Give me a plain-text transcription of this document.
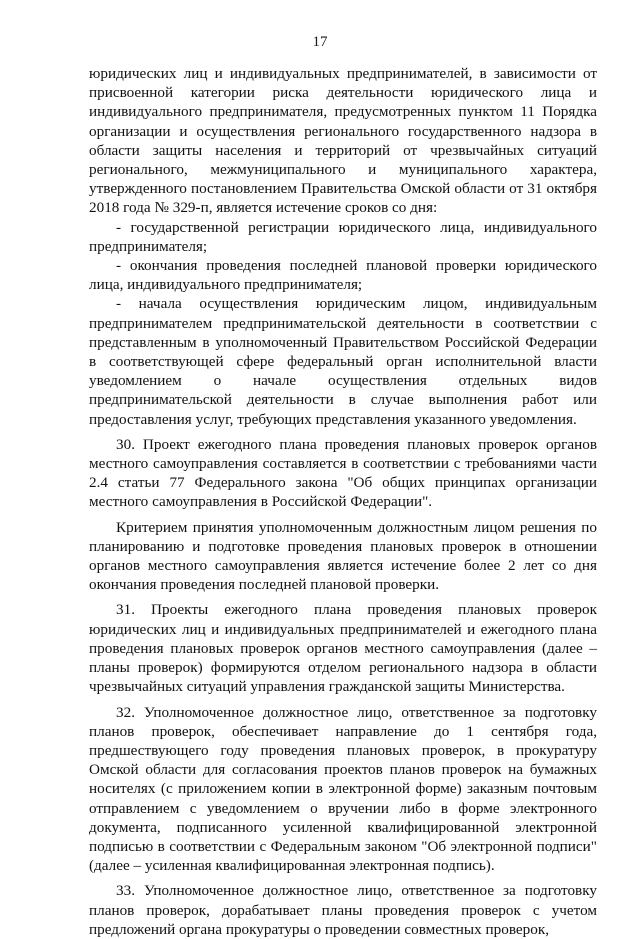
17

юридических лиц и индивидуальных предпринимателей, в зависимости от присвоенной категории риска деятельности юридического лица и индивидуального предпринимателя, предусмотренных пунктом 11 Порядка организации и осуществления регионального государственного надзора в области защиты населения и территорий от чрезвычайных ситуаций регионального, межмуниципального и муниципального характера, утвержденного постановлением Правительства Омской области от 31 октября 2018 года № 329-п, является истечение сроков со дня:

- государственной регистрации юридического лица, индивидуального предпринимателя;

- окончания проведения последней плановой проверки юридического лица, индивидуального предпринимателя;

- начала осуществления юридическим лицом, индивидуальным предпринимателем предпринимательской деятельности в соответствии с представленным в уполномоченный Правительством Российской Федерации в соответствующей сфере федеральный орган исполнительной власти уведомлением о начале осуществления отдельных видов предпринимательской деятельности в случае выполнения работ или предоставления услуг, требующих представления указанного уведомления.

30. Проект ежегодного плана проведения плановых проверок органов местного самоуправления составляется в соответствии с требованиями части 2.4 статьи 77 Федерального закона "Об общих принципах организации местного самоуправления в Российской Федерации".

Критерием принятия уполномоченным должностным лицом решения по планированию и подготовке проведения плановых проверок в отношении органов местного самоуправления является истечение более 2 лет со дня окончания проведения последней плановой проверки.

31. Проекты ежегодного плана проведения плановых проверок юридических лиц и индивидуальных предпринимателей и ежегодного плана проведения плановых проверок органов местного самоуправления (далее – планы проверок) формируются отделом регионального надзора в области чрезвычайных ситуаций управления гражданской защиты Министерства.

32. Уполномоченное должностное лицо, ответственное за подготовку планов проверок, обеспечивает направление до 1 сентября года, предшествующего году проведения плановых проверок, в прокуратуру Омской области для согласования проектов планов проверок на бумажных носителях (с приложением копии в электронной форме) заказным почтовым отправлением с уведомлением о вручении либо в форме электронного документа, подписанного усиленной квалифицированной электронной подписью в соответствии с Федеральным законом "Об электронной подписи" (далее – усиленная квалифицированная электронная подпись).

33. Уполномоченное должностное лицо, ответственное за подготовку планов проверок, дорабатывает планы проведения проверок с учетом предложений органа прокуратуры о проведении совместных проверок,
